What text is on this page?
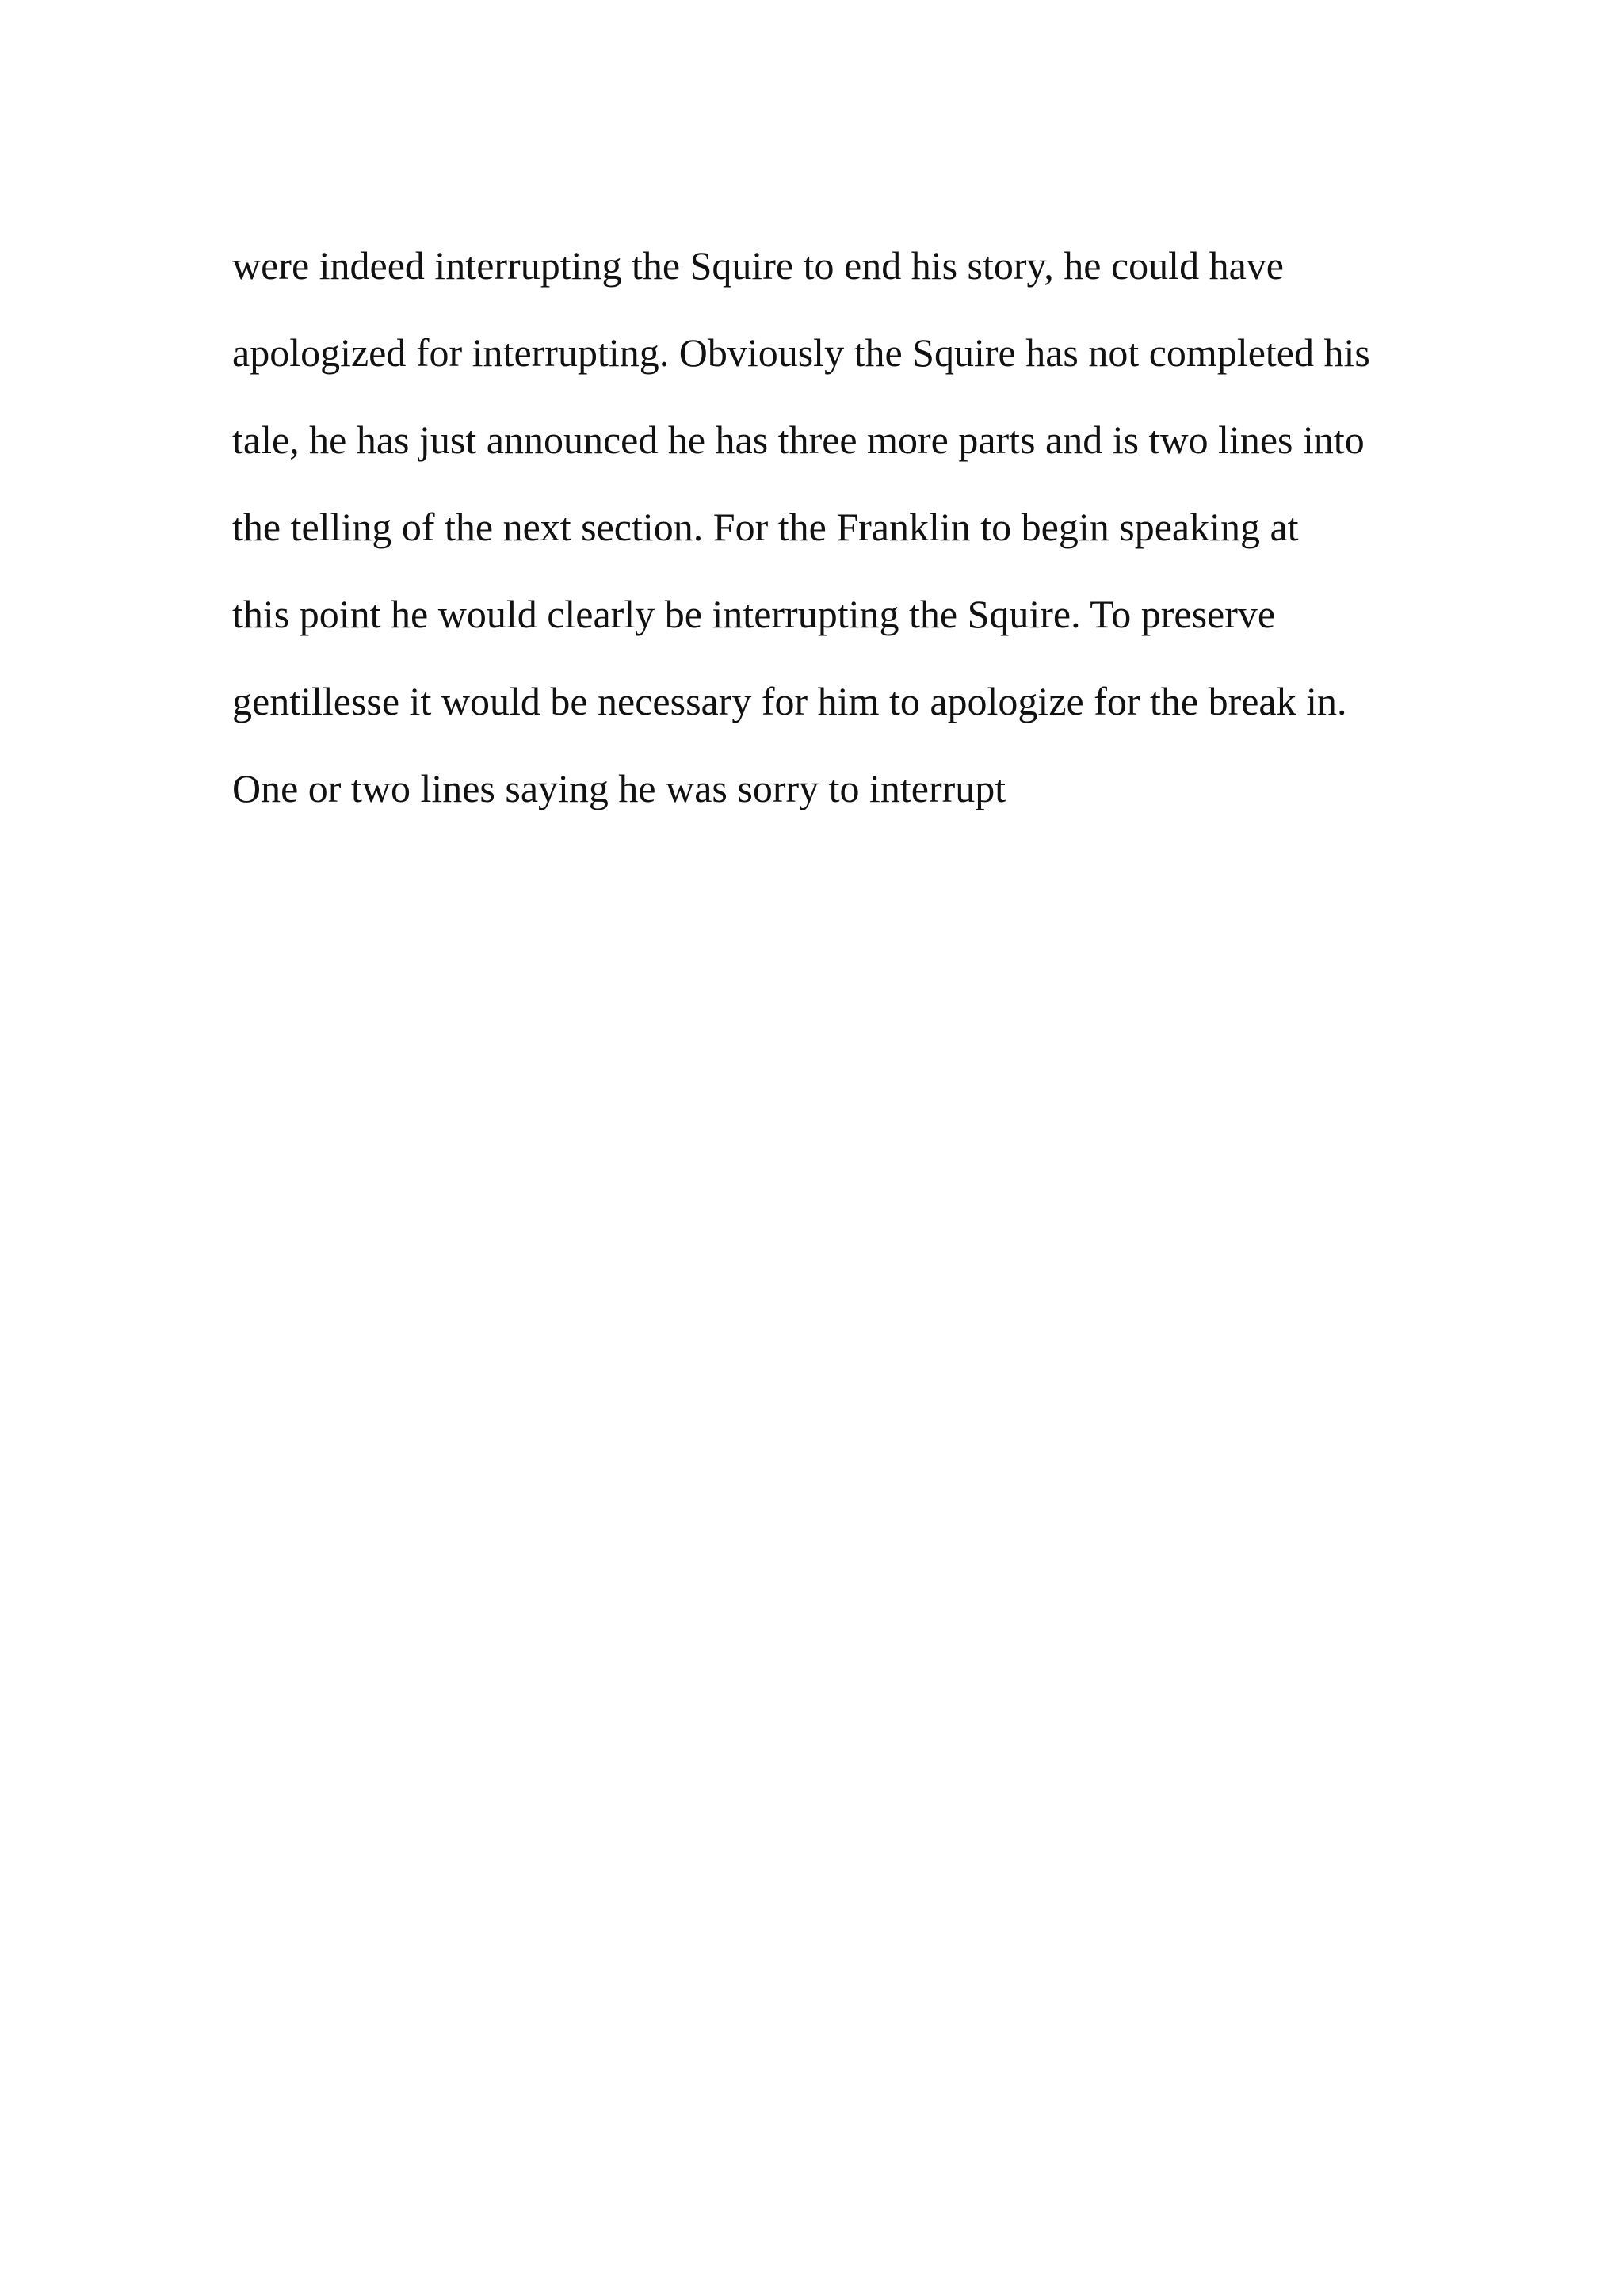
were indeed interrupting the Squire to end his story, he could have
apologized for interrupting. Obviously the Squire has not completed his
tale, he has just announced he has three more parts and is two lines into
the telling of the next section. For the Franklin to begin speaking at
this point he would clearly be interrupting the Squire. To preserve
gentillesse it would be necessary for him to apologize for the break in.
One or two lines saying he was sorry to interrupt
